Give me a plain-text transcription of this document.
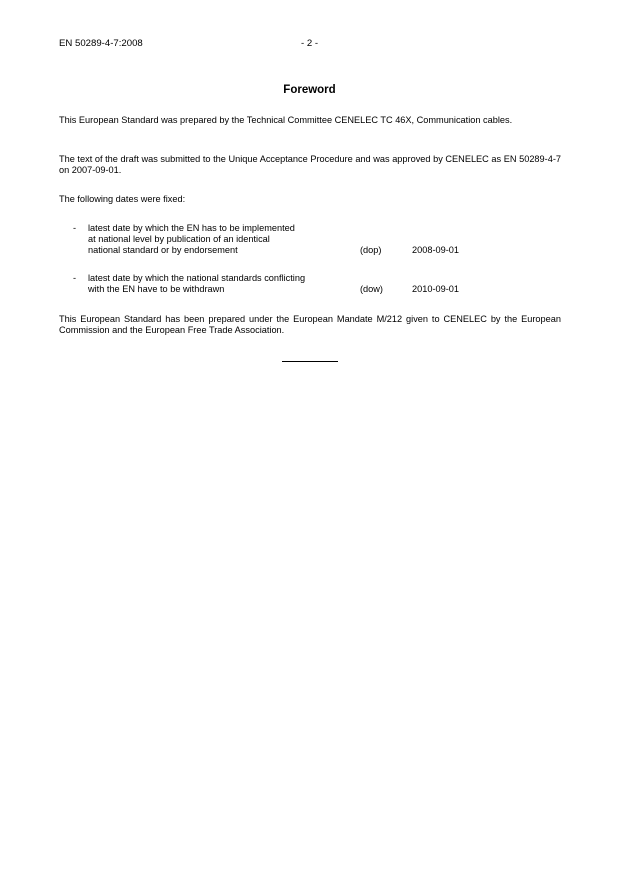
EN 50289-4-7:2008	- 2 -
Foreword
This European Standard was prepared by the Technical Committee CENELEC TC 46X, Communication cables.
The text of the draft was submitted to the Unique Acceptance Procedure and was approved by CENELEC as EN 50289-4-7 on 2007-09-01.
The following dates were fixed:
- latest date by which the EN has to be implemented
at national level by publication of an identical
national standard or by endorsement	(dop)	2008-09-01
- latest date by which the national standards conflicting
with the EN have to be withdrawn	(dow)	2010-09-01
This European Standard has been prepared under the European Mandate M/212 given to CENELEC by the European Commission and the European Free Trade Association.
